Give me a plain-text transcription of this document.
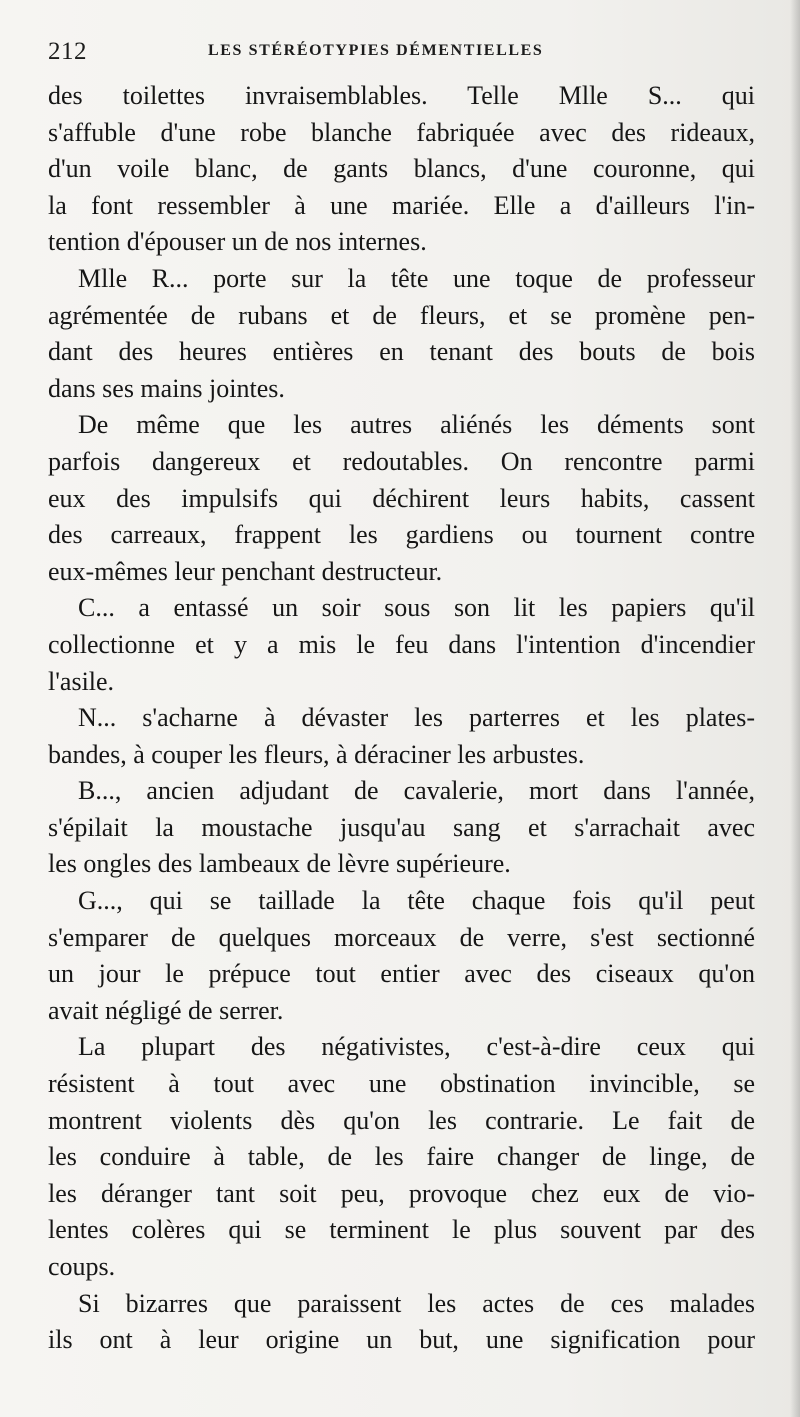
212	LES STÉRÉOTYPIES DÉMENTIELLES

des toilettes invraisemblables. Telle Mlle S... qui
s'affuble d'une robe blanche fabriquée avec des rideaux,
d'un voile blanc, de gants blancs, d'une couronne, qui
la font ressembler à une mariée. Elle a d'ailleurs l'in-
tention d'épouser un de nos internes.

Mlle R... porte sur la tête une toque de professeur
agrémentée de rubans et de fleurs, et se promène pen-
dant des heures entières en tenant des bouts de bois
dans ses mains jointes.

De même que les autres aliénés les déments sont
parfois dangereux et redoutables. On rencontre parmi
eux des impulsifs qui déchirent leurs habits, cassent
des carreaux, frappent les gardiens ou tournent contre
eux-mêmes leur penchant destructeur.

C... a entassé un soir sous son lit les papiers qu'il
collectionne et y a mis le feu dans l'intention d'incendier
l'asile.

N... s'acharne à dévaster les parterres et les plates-
bandes, à couper les fleurs, à déraciner les arbustes.

B..., ancien adjudant de cavalerie, mort dans l'année,
s'épilait la moustache jusqu'au sang et s'arrachait avec
les ongles des lambeaux de lèvre supérieure.

G..., qui se taillade la tête chaque fois qu'il peut
s'emparer de quelques morceaux de verre, s'est sectionné
un jour le prépuce tout entier avec des ciseaux qu'on
avait négligé de serrer.

La plupart des négativistes, c'est-à-dire ceux qui
résistent à tout avec une obstination invincible, se
montrent violents dès qu'on les contrarie. Le fait de
les conduire à table, de les faire changer de linge, de
les déranger tant soit peu, provoque chez eux de vio-
lentes colères qui se terminent le plus souvent par des
coups.

Si bizarres que paraissent les actes de ces malades
ils ont à leur origine un but, une signification pour
